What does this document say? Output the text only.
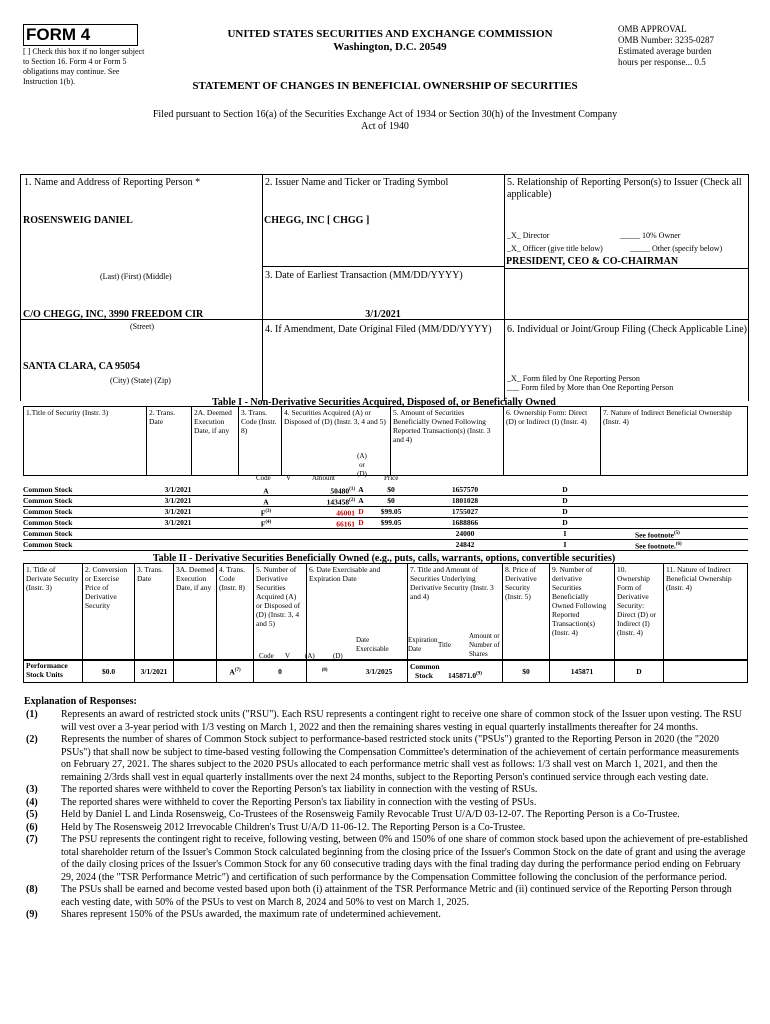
FORM 4
[ ] Check this box if no longer subject to Section 16. Form 4 or Form 5 obligations may continue. See Instruction 1(b).
UNITED STATES SECURITIES AND EXCHANGE COMMISSION
Washington, D.C. 20549
OMB APPROVAL
OMB Number: 3235-0287
Estimated average burden
hours per response... 0.5
STATEMENT OF CHANGES IN BENEFICIAL OWNERSHIP OF SECURITIES
Filed pursuant to Section 16(a) of the Securities Exchange Act of 1934 or Section 30(h) of the Investment Company Act of 1940
1. Name and Address of Reporting Person *
ROSENSWEIG DANIEL
(Last) (First) (Middle)
C/O CHEGG, INC, 3990 FREEDOM CIR
(Street)
SANTA CLARA, CA 95054
(City) (State) (Zip)
2. Issuer Name and Ticker or Trading Symbol
CHEGG, INC [ CHGG ]
3. Date of Earliest Transaction (MM/DD/YYYY)
3/1/2021
4. If Amendment, Date Original Filed (MM/DD/YYYY)
5. Relationship of Reporting Person(s) to Issuer (Check all applicable)
_X_ Director	_____ 10% Owner
_X_ Officer (give title below)	_____ Other (specify below)
PRESIDENT, CEO & CO-CHAIRMAN
6. Individual or Joint/Group Filing (Check Applicable Line)
_X_ Form filed by One Reporting Person
___ Form filed by More than One Reporting Person
Table I - Non-Derivative Securities Acquired, Disposed of, or Beneficially Owned
1.Title of Security (Instr. 3)	2. Trans. Date	2A. Deemed Execution Date, if any	3. Trans. Code (Instr. 8)	4. Securities Acquired (A) or Disposed of (D) (Instr. 3, 4 and 5)	5. Amount of Securities Beneficially Owned Following Reported Transaction(s) (Instr. 3 and 4)	6. Ownership Form: Direct (D) or Indirect (I) (Instr. 4)	7. Nature of Indirect Beneficial Ownership (Instr. 4)
Code V	Amount
(A) or (D)	Price
Common Stock	3/1/2021	A	50480$^{(1)}$ A	$0	1657570	D
Common Stock	3/1/2021	A	143458$^{(2)}$ A	$0	1801028	D
Common Stock	3/1/2021	$F^{(3)}$	46001 D	$99.05	1755027	D
Common Stock	3/1/2021	$F^{(4)}$	66161 D	$99.05	1688866	D
Common Stock	24000	I	See footnote$^{(5)}$
Common Stock	24842	I	See footnote.$^{(6)}$
Table II - Derivative Securities Beneficially Owned (e.g., puts, calls, warrants, options, convertible securities)
1. Title of Derivate Security (Instr. 3)	2. Conversion or Exercise Price of Derivative Security	3. Trans. Date	3A. Deemed Execution Date, if any	4. Trans. Code (Instr. 8)	5. Number of Derivative Securities Acquired (A) or Disposed of (D) (Instr. 3, 4 and 5)	6. Date Exercisable and Expiration Date	7. Title and Amount of Securities Underlying Derivative Security (Instr. 3 and 4)	8. Price of Derivative Security (Instr. 5)	9. Number of derivative Securities Beneficially Owned Following Reported Transaction(s) (Instr. 4)	10. Ownership Form of Derivative Security: Direct (D) or Indirect (I) (Instr. 4)	11. Nature of Indirect Beneficial Ownership (Instr. 4)
Code V (A)	(D)
Date Exercisable
Expiration Date	Title
Amount or Number of Shares
Performance Stock Units	$0.0	3/1/2021		$A^{(7)}$	0	$^{(8)}$	3/1/2025	Common Stock 145871.0$^{(9)}$	$0	145871	D	
Explanation of Responses:
(1) Represents an award of restricted stock units ("RSU"). Each RSU represents a contingent right to receive one share of common stock of the Issuer upon vesting. The RSU will vest over a 3-year period with 1/3 vesting on March 1, 2022 and then the remaining shares vesting in equal quarterly installments thereafter for 24 months.
(2) Represents the number of shares of Common Stock subject to performance-based restricted stock units ("PSUs") granted to the Reporting Person in 2020 (the "2020 PSUs") that shall now be subject to time-based vesting following the Compensation Committee's determination of the achievement of certain performance measurements on February 27, 2021. The shares subject to the 2020 PSUs allocated to each performance metric shall vest as follows: 1/3 shall vest on March 1, 2021, and then the remaining 2/3rds shall vest in equal quarterly installments over the next 24 months, subject to the Reporting Person's continued service through each vesting date.
(3) The reported shares were withheld to cover the Reporting Person's tax liability in connection with the vesting of RSUs.
(4) The reported shares were withheld to cover the Reporting Person's tax liability in connection with the vesting of PSUs.
(5) Held by Daniel L and Linda Rosensweig, Co-Trustees of the Rosensweig Family Revocable Trust U/A/D 03-12-07. The Reporting Person is a Co-Trustee.
(6) Held by The Rosensweig 2012 Irrevocable Children's Trust U/A/D 11-06-12. The Reporting Person is a Co-Trustee.
(7) The PSU represents the contingent right to receive, following vesting, between 0% and 150% of one share of common stock based upon the achievement of pre-established total shareholder return of the Issuer's Common Stock calculated beginning from the closing price of the Issuer's Common Stock on the date of grant and using the average of the daily closing prices of the Issuer's Common Stock for any 60 consecutive trading days with the final trading day during the performance period ending on February 29, 2024 (the "TSR Performance Metric") and certification of such performance by the Compensation Committee following the conclusion of the performance period.
(8) The PSUs shall be earned and become vested based upon both (i) attainment of the TSR Performance Metric and (ii) continued service of the Reporting Person through each vesting date, with 50% of the PSUs to vest on March 8, 2024 and 50% to vest on March 1, 2025.
(9) Shares represent 150% of the PSUs awarded, the maximum rate of undetermined achievement.
